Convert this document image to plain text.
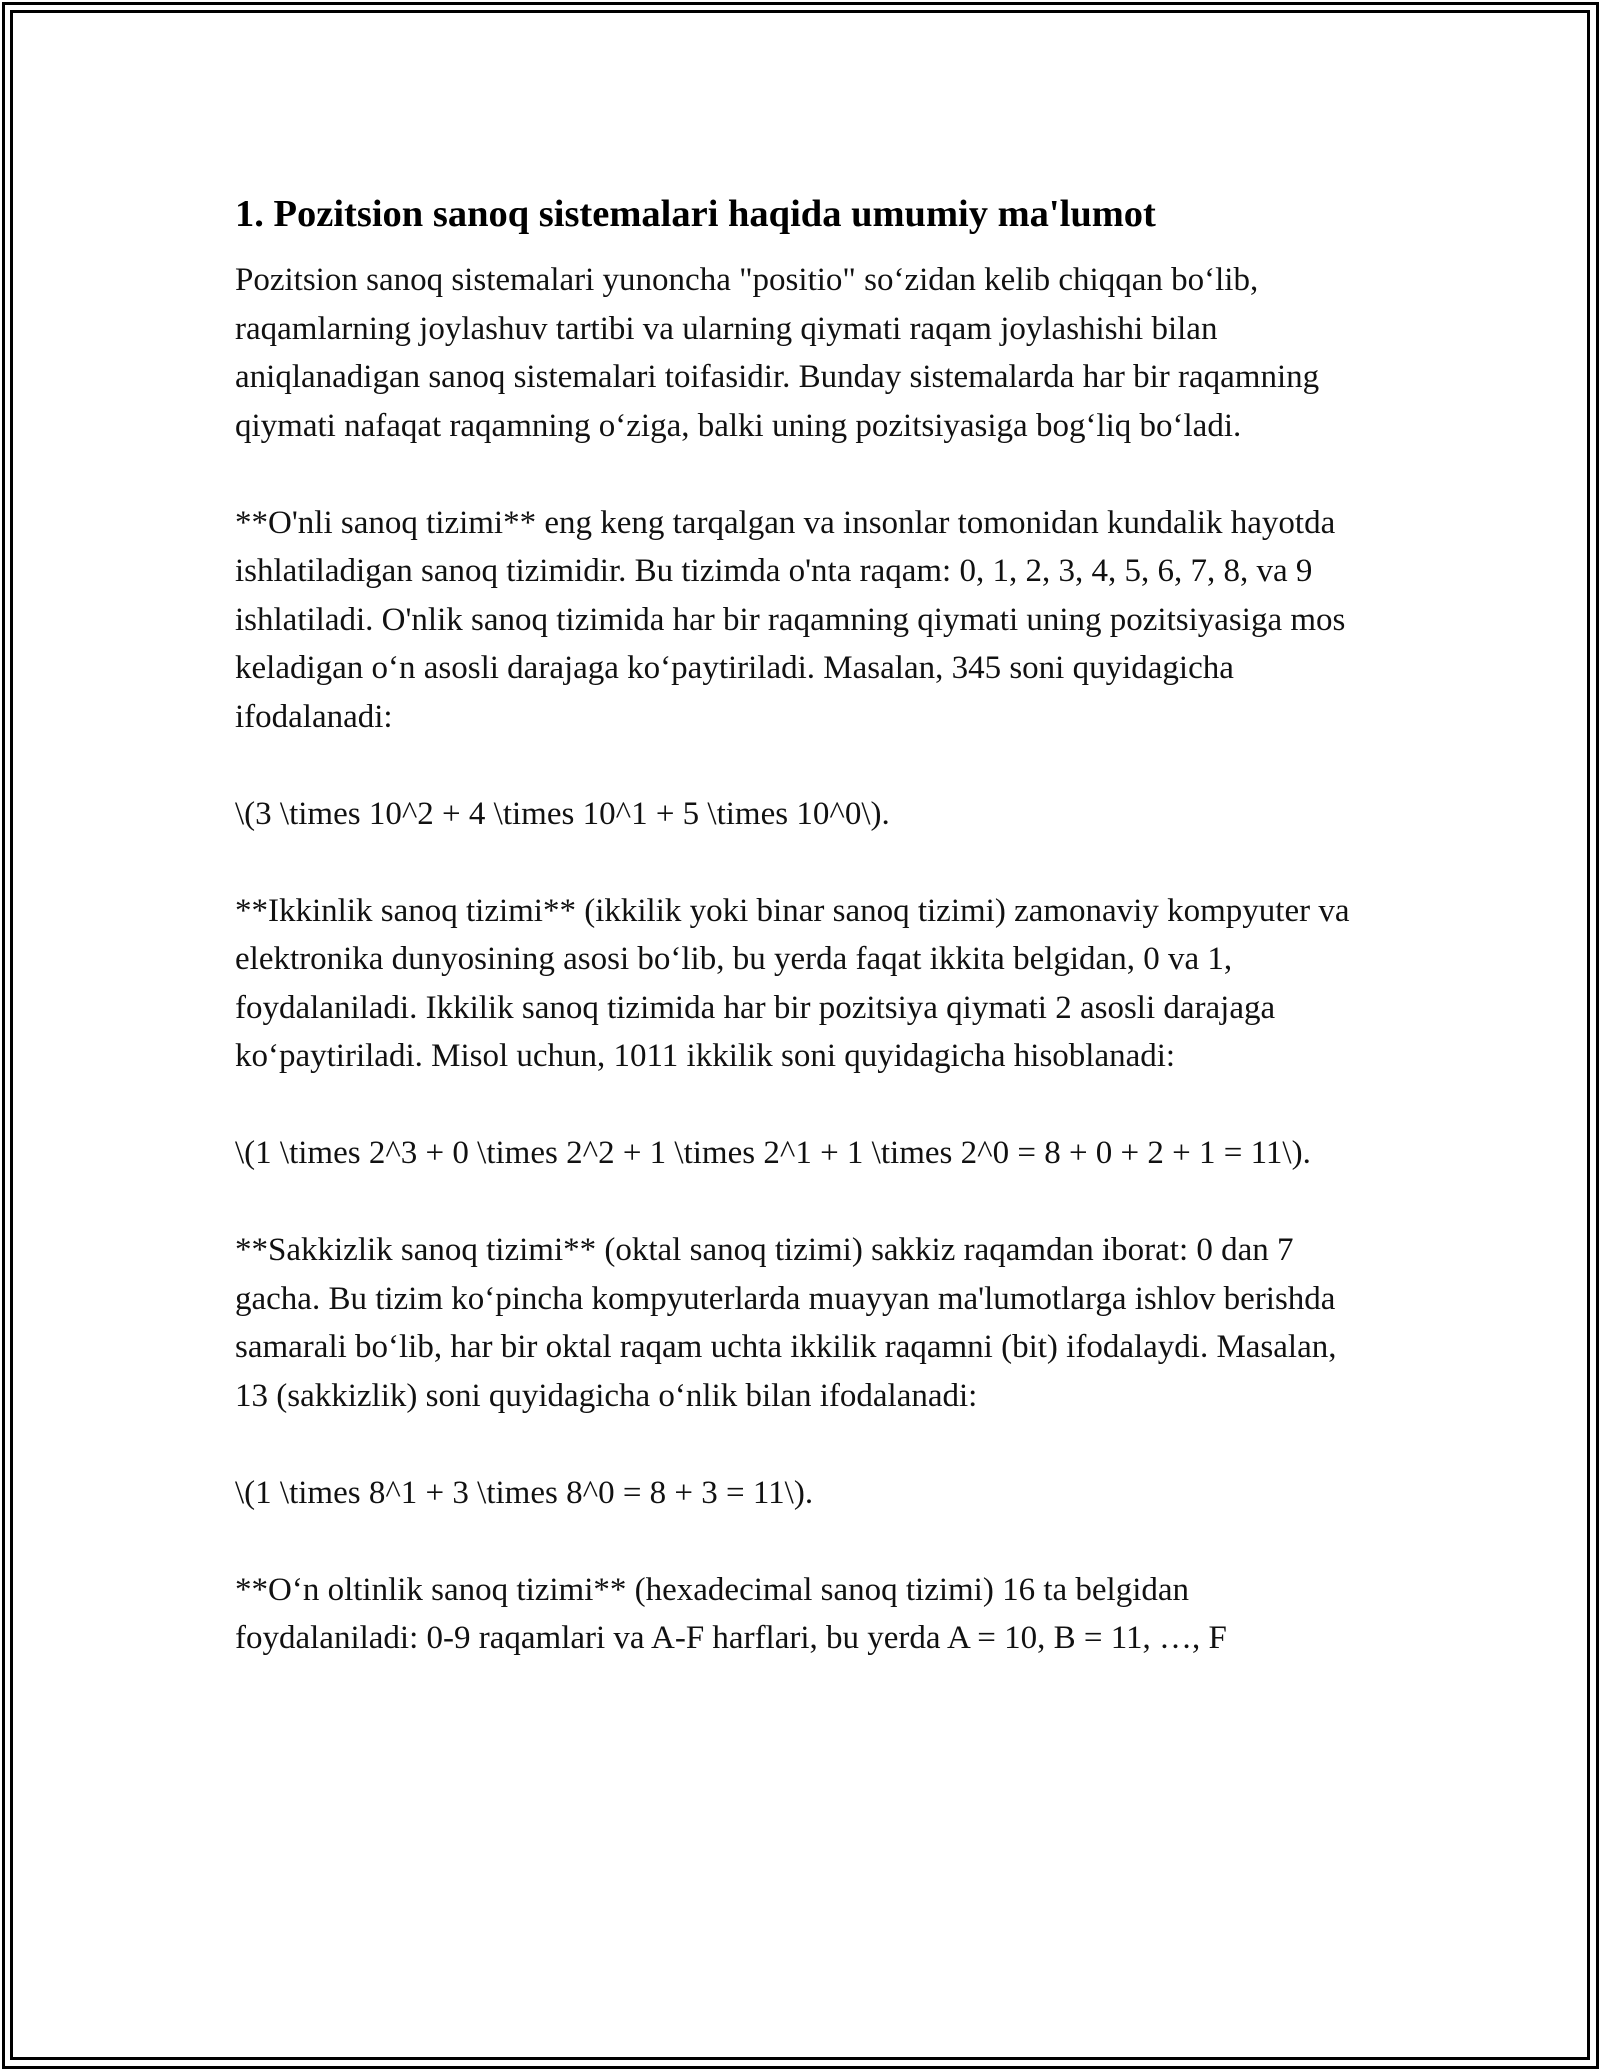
1. Pozitsion sanoq sistemalari haqida umumiy ma'lumot

Pozitsion sanoq sistemalari yunoncha "positio" so‘zidan kelib chiqqan bo‘lib, raqamlarning joylashuv tartibi va ularning qiymati raqam joylashishi bilan aniqlanadigan sanoq sistemalari toifasidir. Bunday sistemalarda har bir raqamning qiymati nafaqat raqamning o‘ziga, balki uning pozitsiyasiga bog‘liq bo‘ladi.

**O'nli sanoq tizimi** eng keng tarqalgan va insonlar tomonidan kundalik hayotda ishlatiladigan sanoq tizimidir. Bu tizimda o'nta raqam: 0, 1, 2, 3, 4, 5, 6, 7, 8, va 9 ishlatiladi. O'nlik sanoq tizimida har bir raqamning qiymati uning pozitsiyasiga mos keladigan o‘n asosli darajaga ko‘paytiriladi. Masalan, 345 soni quyidagicha ifodalanadi:

\(3 \times 10^2 + 4 \times 10^1 + 5 \times 10^0\).

**Ikkinlik sanoq tizimi** (ikkilik yoki binar sanoq tizimi) zamonaviy kompyuter va elektronika dunyosining asosi bo‘lib, bu yerda faqat ikkita belgidan, 0 va 1, foydalaniladi. Ikkilik sanoq tizimida har bir pozitsiya qiymati 2 asosli darajaga ko‘paytiriladi. Misol uchun, 1011 ikkilik soni quyidagicha hisoblanadi:

\(1 \times 2^3 + 0 \times 2^2 + 1 \times 2^1 + 1 \times 2^0 = 8 + 0 + 2 + 1 = 11\).

**Sakkizlik sanoq tizimi** (oktal sanoq tizimi) sakkiz raqamdan iborat: 0 dan 7 gacha. Bu tizim ko‘pincha kompyuterlarda muayyan ma'lumotlarga ishlov berishda samarali bo‘lib, har bir oktal raqam uchta ikkilik raqamni (bit) ifodalaydi. Masalan, 13 (sakkizlik) soni quyidagicha o‘nlik bilan ifodalanadi:

\(1 \times 8^1 + 3 \times 8^0 = 8 + 3 = 11\).

**O‘n oltinlik sanoq tizimi** (hexadecimal sanoq tizimi) 16 ta belgidan foydalaniladi: 0-9 raqamlari va A-F harflari, bu yerda A = 10, B = 11, …, F
